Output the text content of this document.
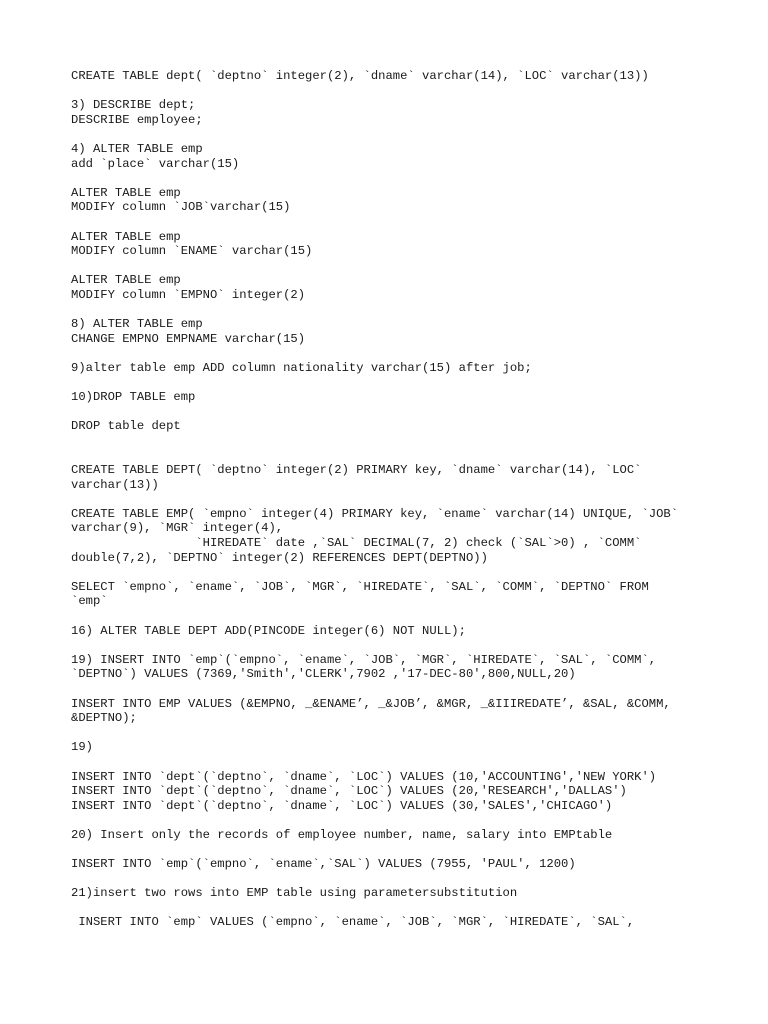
CREATE TABLE dept( `deptno` integer(2), `dname` varchar(14), `LOC` varchar(13))
3) DESCRIBE dept;
DESCRIBE employee;
4) ALTER TABLE emp
add `place` varchar(15)
ALTER TABLE emp
MODIFY column `JOB`varchar(15)
ALTER TABLE emp
MODIFY column `ENAME` varchar(15)
ALTER TABLE emp
MODIFY column `EMPNO` integer(2)
8) ALTER TABLE emp
CHANGE EMPNO EMPNAME varchar(15)
9)alter table emp ADD column nationality varchar(15) after job;
10)DROP TABLE emp
DROP table dept
CREATE TABLE DEPT( `deptno` integer(2) PRIMARY key, `dname` varchar(14), `LOC`
varchar(13))
CREATE TABLE EMP( `empno` integer(4) PRIMARY key, `ename` varchar(14) UNIQUE, `JOB`
varchar(9), `MGR` integer(4),
`HIREDATE` date ,`SAL` DECIMAL(7, 2) check (`SAL`>0) , `COMM`
double(7,2), `DEPTNO` integer(2) REFERENCES DEPT(DEPTNO))
SELECT `empno`, `ename`, `JOB`, `MGR`, `HIREDATE`, `SAL`, `COMM`, `DEPTNO` FROM
`emp`
16) ALTER TABLE DEPT ADD(PINCODE integer(6) NOT NULL);
19) INSERT INTO `emp`(`empno`, `ename`, `JOB`, `MGR`, `HIREDATE`, `SAL`, `COMM`,
`DEPTNO`) VALUES (7369,'Smith','CLERK',7902 ,'17-DEC-80',800,NULL,20)
INSERT INTO EMP VALUES (&EMPNO, _&ENAME’, _&JOB’, &MGR, _&IIIREDATE’, &SAL, &COMM,
&DEPTNO);
19)
INSERT INTO `dept`(`deptno`, `dname`, `LOC`) VALUES (10,'ACCOUNTING','NEW YORK')
INSERT INTO `dept`(`deptno`, `dname`, `LOC`) VALUES (20,'RESEARCH','DALLAS')
INSERT INTO `dept`(`deptno`, `dname`, `LOC`) VALUES (30,'SALES','CHICAGO')
20) Insert only the records of employee number, name, salary into EMPtable
INSERT INTO `emp`(`empno`, `ename`,`SAL`) VALUES (7955, 'PAUL', 1200)
21)insert two rows into EMP table using parametersubstitution
INSERT INTO `emp` VALUES (`empno`, `ename`, `JOB`, `MGR`, `HIREDATE`, `SAL`,
